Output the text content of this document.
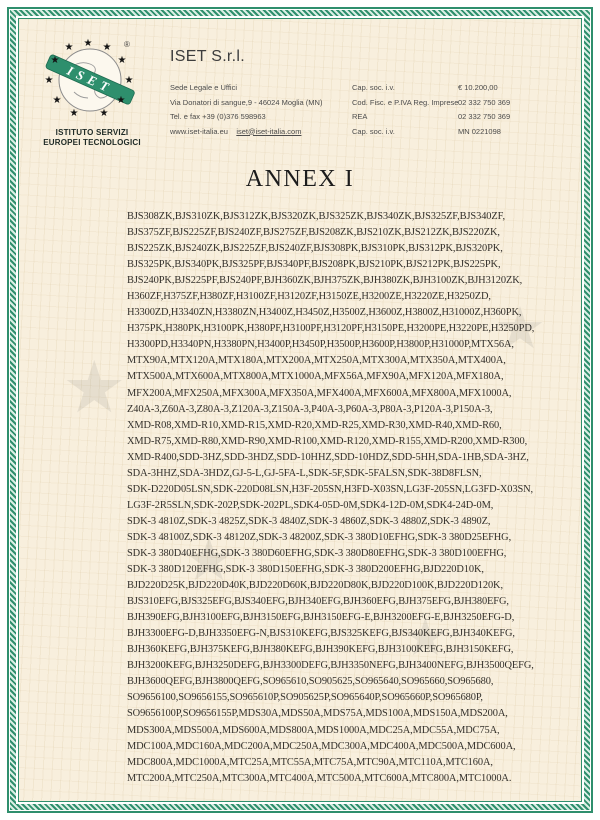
★
★
★
★
ISET
★
★	★
★	★
★	★
★	★
★ ★
®
ISTITUTO SERVIZI
EUROPEI TECNOLOGICI
ISET S.r.l.
Sede Legale e Uffici	Cap. soc. i.v.	€ 10.200,00
Via Donatori di sangue,9 - 46024 Moglia (MN)	Cod. Fisc. e P.IVA Reg. Imprese 02 332 750 369
Tel. e fax +39 (0)376 598963	REA	02 332 750 369
www.iset-italia.eu iset@iset-italia.com	Cap. soc. i.v.	MN 0221098
ANNEX I
BJS308ZK,BJS310ZK,BJS312ZK,BJS320ZK,BJS325ZK,BJS340ZK,BJS325ZF,BJS340ZF,
BJS375ZF,BJS225ZF,BJS240ZF,BJS275ZF,BJS208ZK,BJS210ZK,BJS212ZK,BJS220ZK,
BJS225ZK,BJS240ZK,BJS225ZF,BJS240ZF,BJS308PK,BJS310PK,BJS312PK,BJS320PK,
BJS325PK,BJS340PK,BJS325PF,BJS340PF,BJS208PK,BJS210PK,BJS212PK,BJS225PK,
BJS240PK,BJS225PF,BJS240PF,BJH360ZK,BJH375ZK,BJH380ZK,BJH3100ZK,BJH3120ZK,
H360ZF,H375ZF,H380ZF,H3100ZF,H3120ZF,H3150ZE,H3200ZE,H3220ZE,H3250ZD,
H3300ZD,H3340ZN,H3380ZN,H3400Z,H3450Z,H3500Z,H3600Z,H3800Z,H31000Z,H360PK,
H375PK,H380PK,H3100PK,H380PF,H3100PF,H3120PF,H3150PE,H3200PE,H3220PE,H3250PD,
H3300PD,H3340PN,H3380PN,H3400P,H3450P,H3500P,H3600P,H3800P,H31000P,MTX56A,
MTX90A,MTX120A,MTX180A,MTX200A,MTX250A,MTX300A,MTX350A,MTX400A,
MTX500A,MTX600A,MTX800A,MTX1000A,MFX56A,MFX90A,MFX120A,MFX180A,
MFX200A,MFX250A,MFX300A,MFX350A,MFX400A,MFX600A,MFX800A,MFX1000A,
Z40A-3,Z60A-3,Z80A-3,Z120A-3,Z150A-3,P40A-3,P60A-3,P80A-3,P120A-3,P150A-3,
XMD-R08,XMD-R10,XMD-R15,XMD-R20,XMD-R25,XMD-R30,XMD-R40,XMD-R60,
XMD-R75,XMD-R80,XMD-R90,XMD-R100,XMD-R120,XMD-R155,XMD-R200,XMD-R300,
XMD-R400,SDD-3HZ,SDD-3HDZ,SDD-10HHZ,SDD-10HDZ,SDD-5HH,SDA-1HB,SDA-3HZ,
SDA-3HHZ,SDA-3HDZ,GJ-5-L,GJ-5FA-L,SDK-5F,SDK-5FALSN,SDK-38D8FLSN,
SDK-D220D05LSN,SDK-220D08LSN,H3F-205SN,H3FD-X03SN,LG3F-205SN,LG3FD-X03SN,
LG3F-2R5SLN,SDK-202P,SDK-202PL,SDK4-05D-0M,SDK4-12D-0M,SDK4-24D-0M,
SDK-3 4810Z,SDK-3 4825Z,SDK-3 4840Z,SDK-3 4860Z,SDK-3 4880Z,SDK-3 4890Z,
SDK-3 48100Z,SDK-3 48120Z,SDK-3 48200Z,SDK-3 380D10EFHG,SDK-3 380D25EFHG,
SDK-3 380D40EFHG,SDK-3 380D60EFHG,SDK-3 380D80EFHG,SDK-3 380D100EFHG,
SDK-3 380D120EFHG,SDK-3 380D150EFHG,SDK-3 380D200EFHG,BJD220D10K,
BJD220D25K,BJD220D40K,BJD220D60K,BJD220D80K,BJD220D100K,BJD220D120K,
BJS310EFG,BJS325EFG,BJS340EFG,BJH340EFG,BJH360EFG,BJH375EFG,BJH380EFG,
BJH390EFG,BJH3100EFG,BJH3150EFG,BJH3150EFG-E,BJH3200EFG-E,BJH3250EFG-D,
BJH3300EFG-D,BJH3350EFG-N,BJS310KEFG,BJS325KEFG,BJS340KEFG,BJH340KEFG,
BJH360KEFG,BJH375KEFG,BJH380KEFG,BJH390KEFG,BJH3100KEFG,BJH3150KEFG,
BJH3200KEFG,BJH3250DEFG,BJH3300DEFG,BJH3350NEFG,BJH3400NEFG,BJH3500QEFG,
BJH3600QEFG,BJH3800QEFG,SO965610,SO905625,SO965640,SO965660,SO965680,
SO9656100,SO9656155,SO965610P,SO905625P,SO965640P,SO965660P,SO965680P,
SO9656100P,SO9656155P,MDS30A,MDS50A,MDS75A,MDS100A,MDS150A,MDS200A,
MDS300A,MDS500A,MDS600A,MDS800A,MDS1000A,MDC25A,MDC55A,MDC75A,
MDC100A,MDC160A,MDC200A,MDC250A,MDC300A,MDC400A,MDC500A,MDC600A,
MDC800A,MDC1000A,MTC25A,MTC55A,MTC75A,MTC90A,MTC110A,MTC160A,
MTC200A,MTC250A,MTC300A,MTC400A,MTC500A,MTC600A,MTC800A,MTC1000A.
